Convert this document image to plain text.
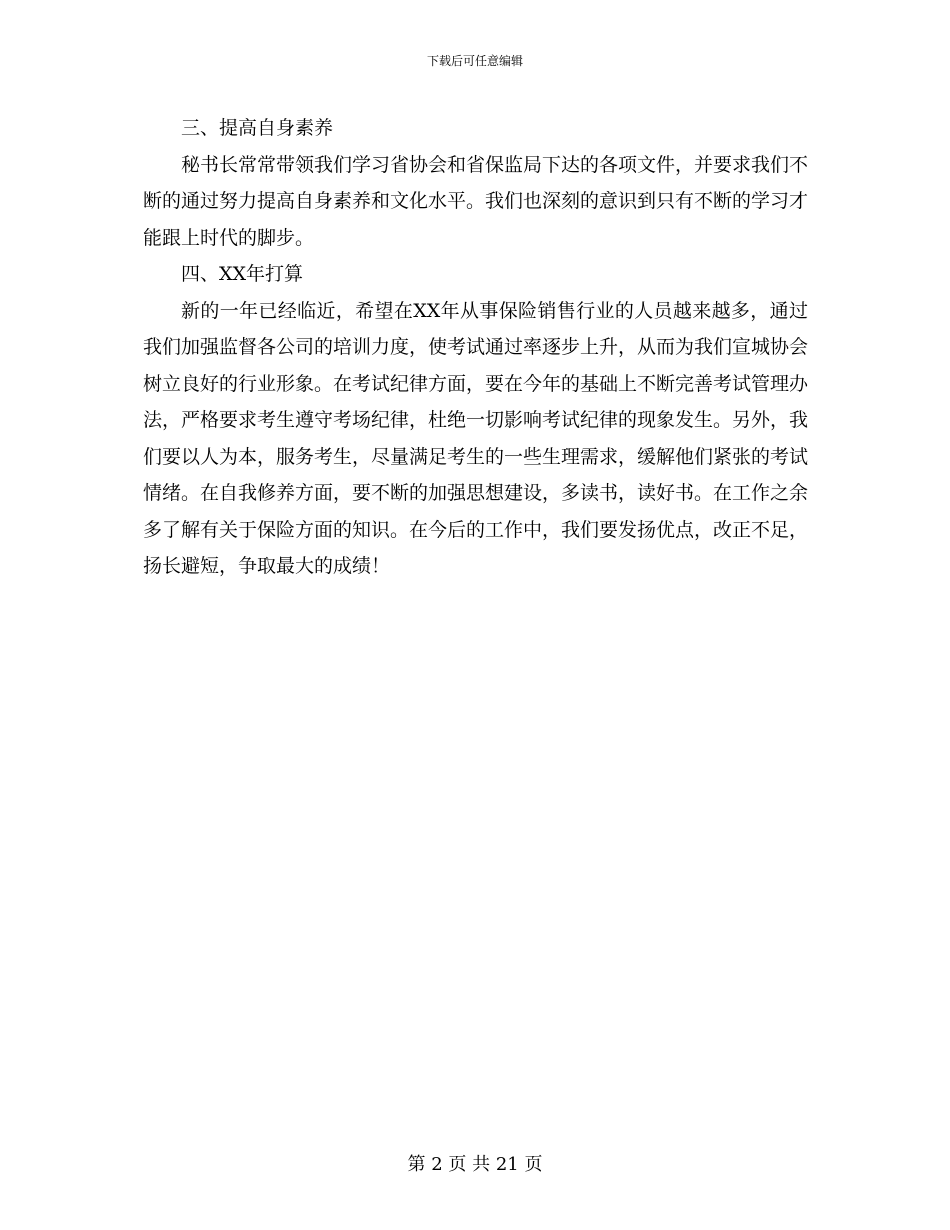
下载后可任意编辑

三、提高自身素养

秘书长常常带领我们学习省协会和省保监局下达的各项文件，并要求我们不断的通过努力提高自身素养和文化水平。我们也深刻的意识到只有不断的学习才能跟上时代的脚步。

四、XX年打算

新的一年已经临近，希望在XX年从事保险销售行业的人员越来越多，通过我们加强监督各公司的培训力度，使考试通过率逐步上升，从而为我们宣城协会树立良好的行业形象。在考试纪律方面，要在今年的基础上不断完善考试管理办法，严格要求考生遵守考场纪律，杜绝一切影响考试纪律的现象发生。另外，我们要以人为本，服务考生，尽量满足考生的一些生理需求，缓解他们紧张的考试情绪。在自我修养方面，要不断的加强思想建设，多读书，读好书。在工作之余多了解有关于保险方面的知识。在今后的工作中，我们要发扬优点，改正不足，扬长避短，争取最大的成绩！

第 2 页 共 21 页
